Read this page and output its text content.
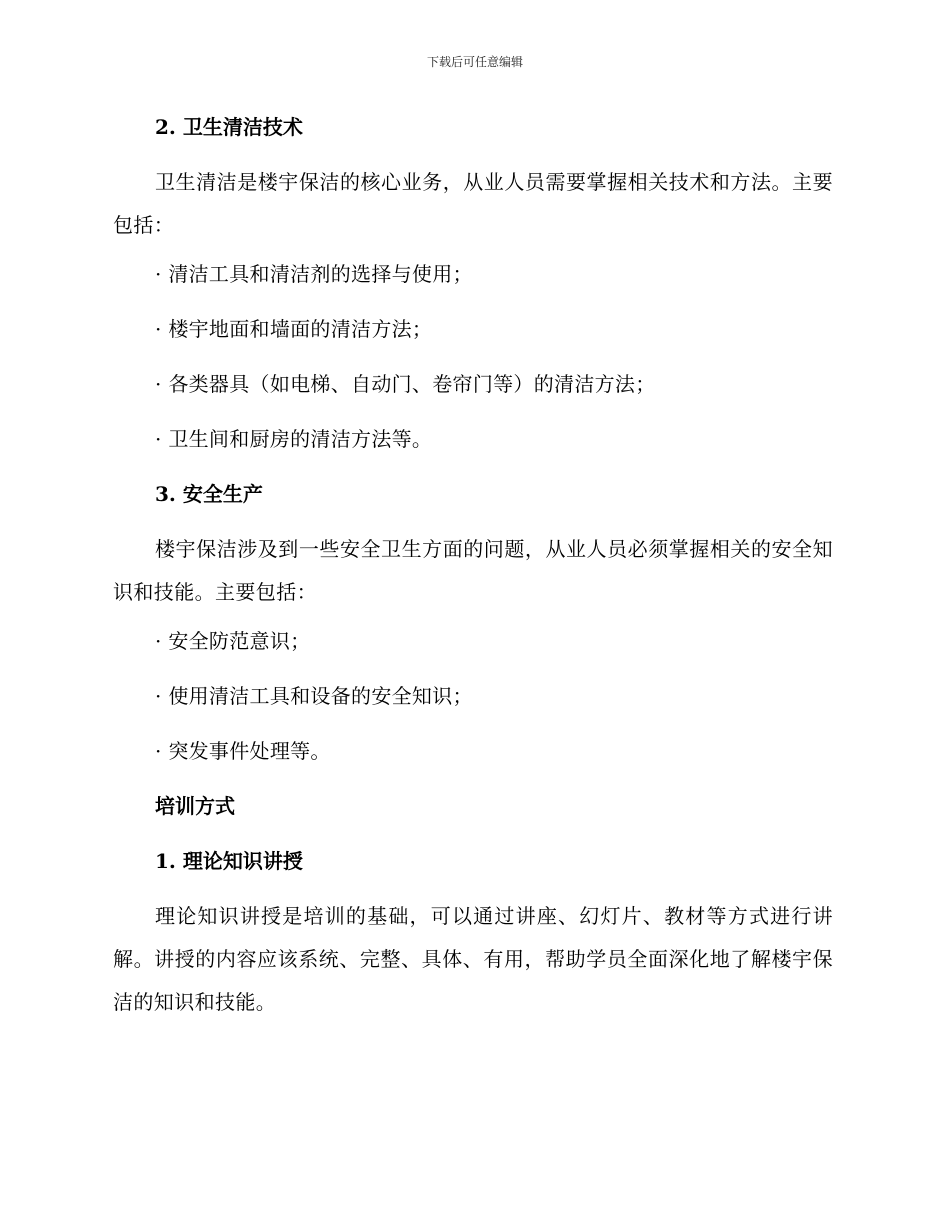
下载后可任意编辑
2. 卫生清洁技术

卫生清洁是楼宇保洁的核心业务，从业人员需要掌握相关技术和方法。主要包括：

· 清洁工具和清洁剂的选择与使用；
· 楼宇地面和墙面的清洁方法；
· 各类器具（如电梯、自动门、卷帘门等）的清洁方法；
· 卫生间和厨房的清洁方法等。
3. 安全生产

楼宇保洁涉及到一些安全卫生方面的问题，从业人员必须掌握相关的安全知识和技能。主要包括：

· 安全防范意识；
· 使用清洁工具和设备的安全知识；
· 突发事件处理等。
培训方式
1. 理论知识讲授

理论知识讲授是培训的基础，可以通过讲座、幻灯片、教材等方式进行讲解。讲授的内容应该系统、完整、具体、有用，帮助学员全面深化地了解楼宇保洁的知识和技能。
